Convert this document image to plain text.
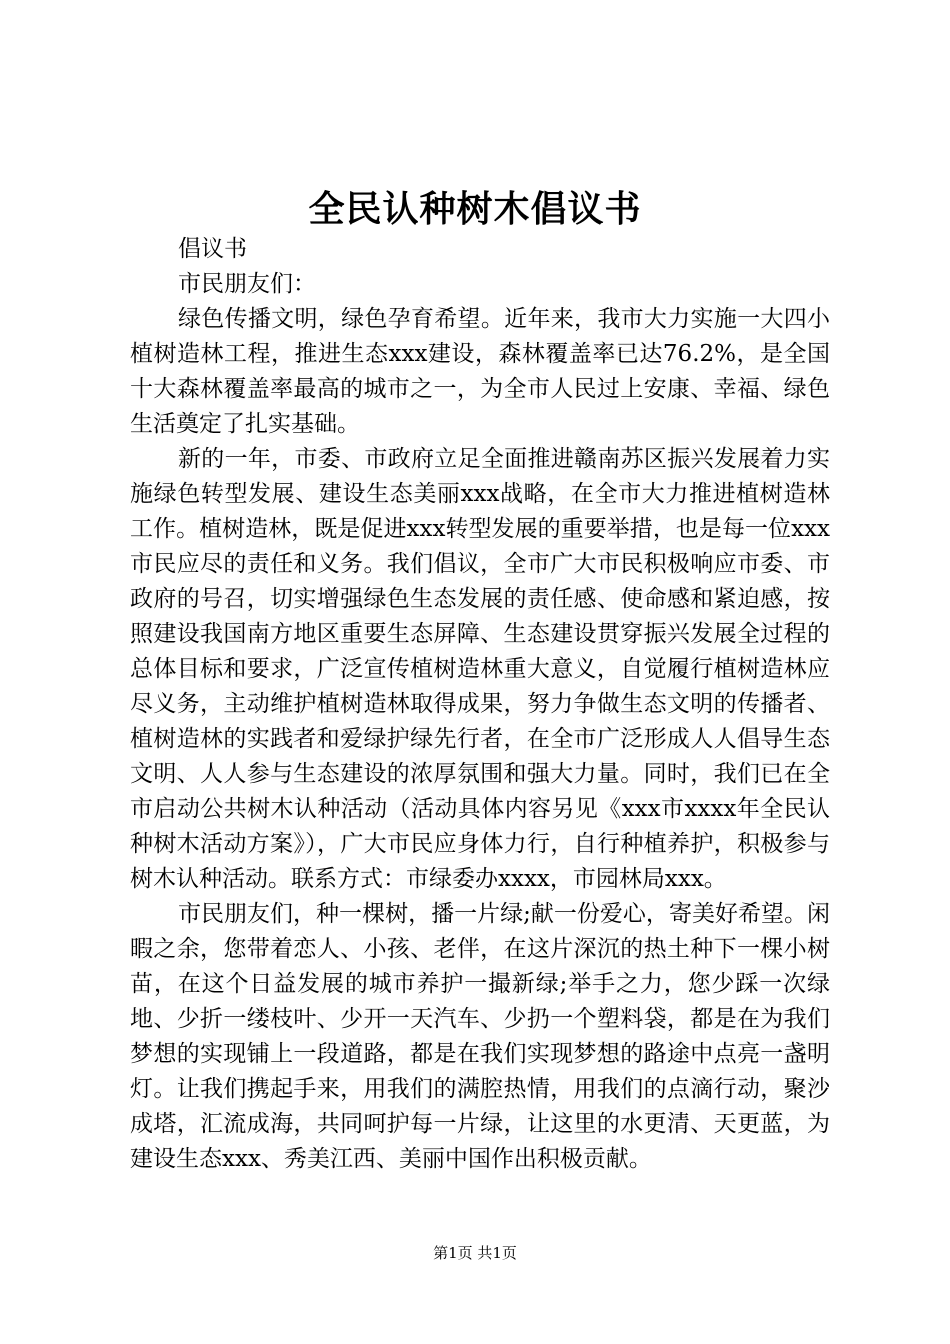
全民认种树木倡议书

倡议书

市民朋友们：

绿色传播文明，绿色孕育希望。近年来，我市大力实施一大四小植树造林工程，推进生态xxx建设，森林覆盖率已达76.2%，是全国十大森林覆盖率最高的城市之一，为全市人民过上安康、幸福、绿色生活奠定了扎实基础。

新的一年，市委、市政府立足全面推进赣南苏区振兴发展着力实施绿色转型发展、建设生态美丽xxx战略，在全市大力推进植树造林工作。植树造林，既是促进xxx转型发展的重要举措，也是每一位xxx市民应尽的责任和义务。我们倡议，全市广大市民积极响应市委、市政府的号召，切实增强绿色生态发展的责任感、使命感和紧迫感，按照建设我国南方地区重要生态屏障、生态建设贯穿振兴发展全过程的总体目标和要求，广泛宣传植树造林重大意义，自觉履行植树造林应尽义务，主动维护植树造林取得成果，努力争做生态文明的传播者、植树造林的实践者和爱绿护绿先行者，在全市广泛形成人人倡导生态文明、人人参与生态建设的浓厚氛围和强大力量。同时，我们已在全市启动公共树木认种活动（活动具体内容另见《xxx市xxxx年全民认种树木活动方案》），广大市民应身体力行，自行种植养护，积极参与树木认种活动。联系方式：市绿委办xxxx，市园林局xxx。

市民朋友们，种一棵树，播一片绿;献一份爱心，寄美好希望。闲暇之余，您带着恋人、小孩、老伴，在这片深沉的热土种下一棵小树苗，在这个日益发展的城市养护一撮新绿;举手之力，您少踩一次绿地、少折一缕枝叶、少开一天汽车、少扔一个塑料袋，都是在为我们梦想的实现铺上一段道路，都是在我们实现梦想的路途中点亮一盏明灯。让我们携起手来，用我们的满腔热情，用我们的点滴行动，聚沙成塔，汇流成海，共同呵护每一片绿，让这里的水更清、天更蓝，为建设生态xxx、秀美江西、美丽中国作出积极贡献。

第1页 共1页
